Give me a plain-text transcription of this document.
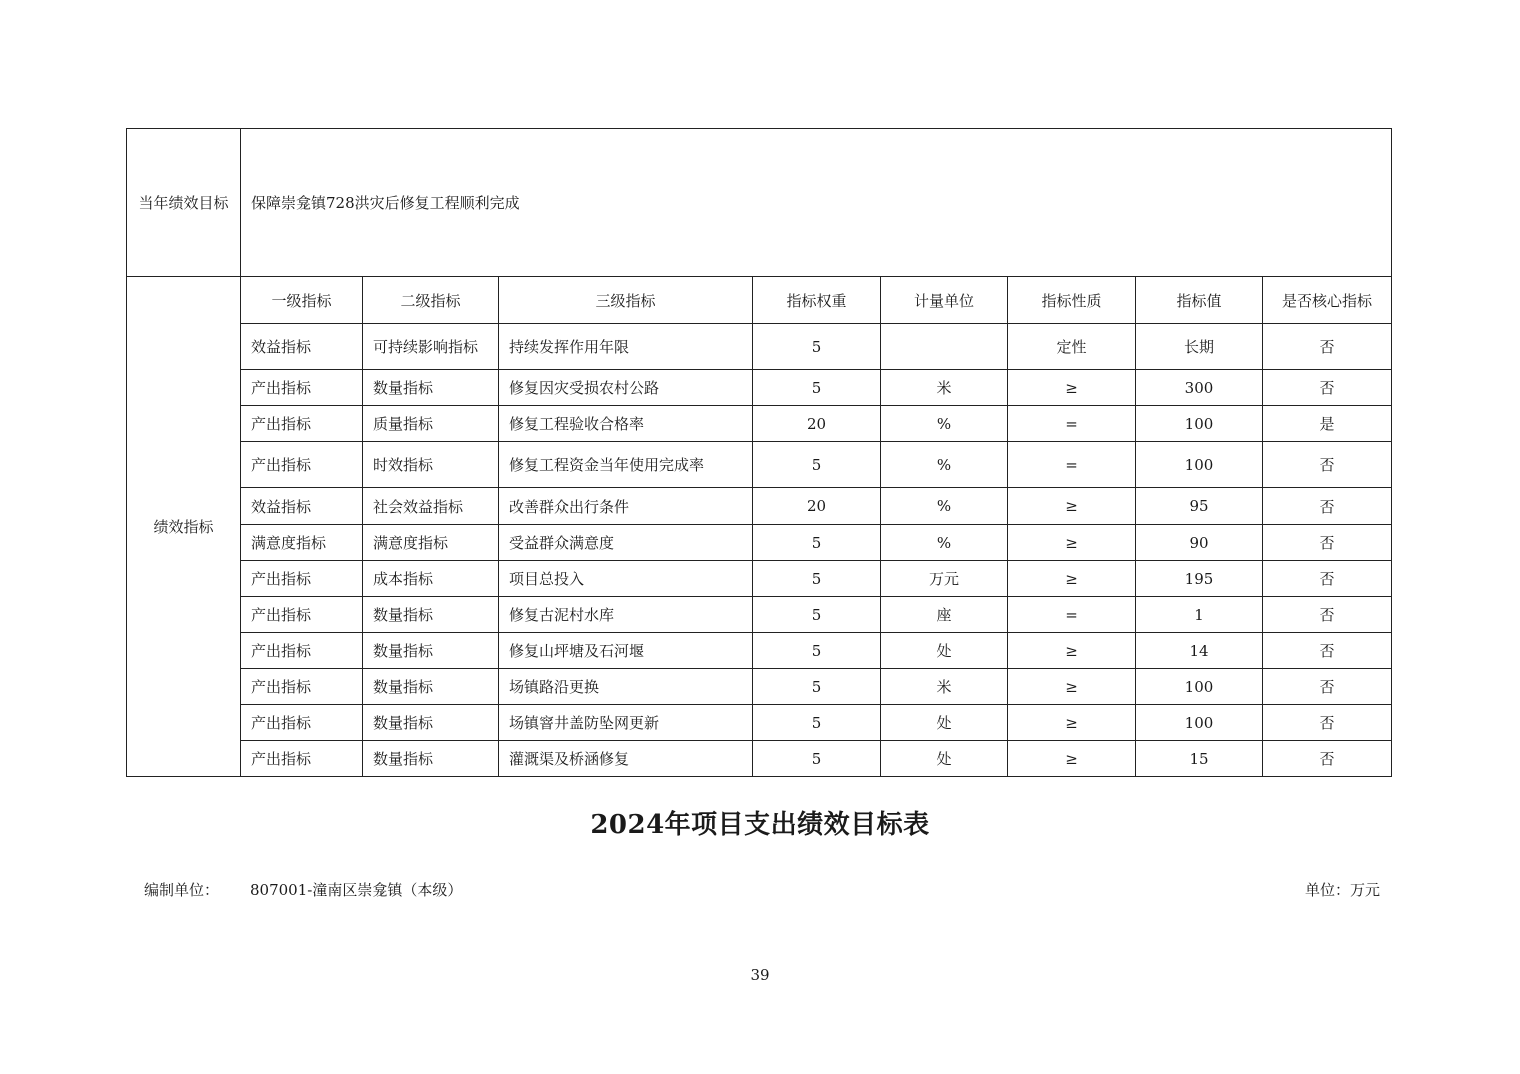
当年绩效目标	保障崇龛镇728洪灾后修复工程顺利完成							
绩效指标	一级指标	二级指标	三级指标	指标权重	计量单位	指标性质	指标值	是否核心指标
	效益指标	可持续影响指标	持续发挥作用年限	5		定性	长期	否
	产出指标	数量指标	修复因灾受损农村公路	5	米	≥	300	否
	产出指标	质量指标	修复工程验收合格率	20	%	=	100	是
	产出指标	时效指标	修复工程资金当年使用完成率	5	%	=	100	否
	效益指标	社会效益指标	改善群众出行条件	20	%	≥	95	否
	满意度指标	满意度指标	受益群众满意度	5	%	≥	90	否
	产出指标	成本指标	项目总投入	5	万元	≥	195	否
	产出指标	数量指标	修复古泥村水库	5	座	=	1	否
	产出指标	数量指标	修复山坪塘及石河堰	5	处	≥	14	否
	产出指标	数量指标	场镇路沿更换	5	米	≥	100	否
	产出指标	数量指标	场镇窨井盖防坠网更新	5	处	≥	100	否
	产出指标	数量指标	灌溉渠及桥涵修复	5	处	≥	15	否
2024年项目支出绩效目标表
编制单位： 807001-潼南区崇龛镇（本级）	单位：万元
39
